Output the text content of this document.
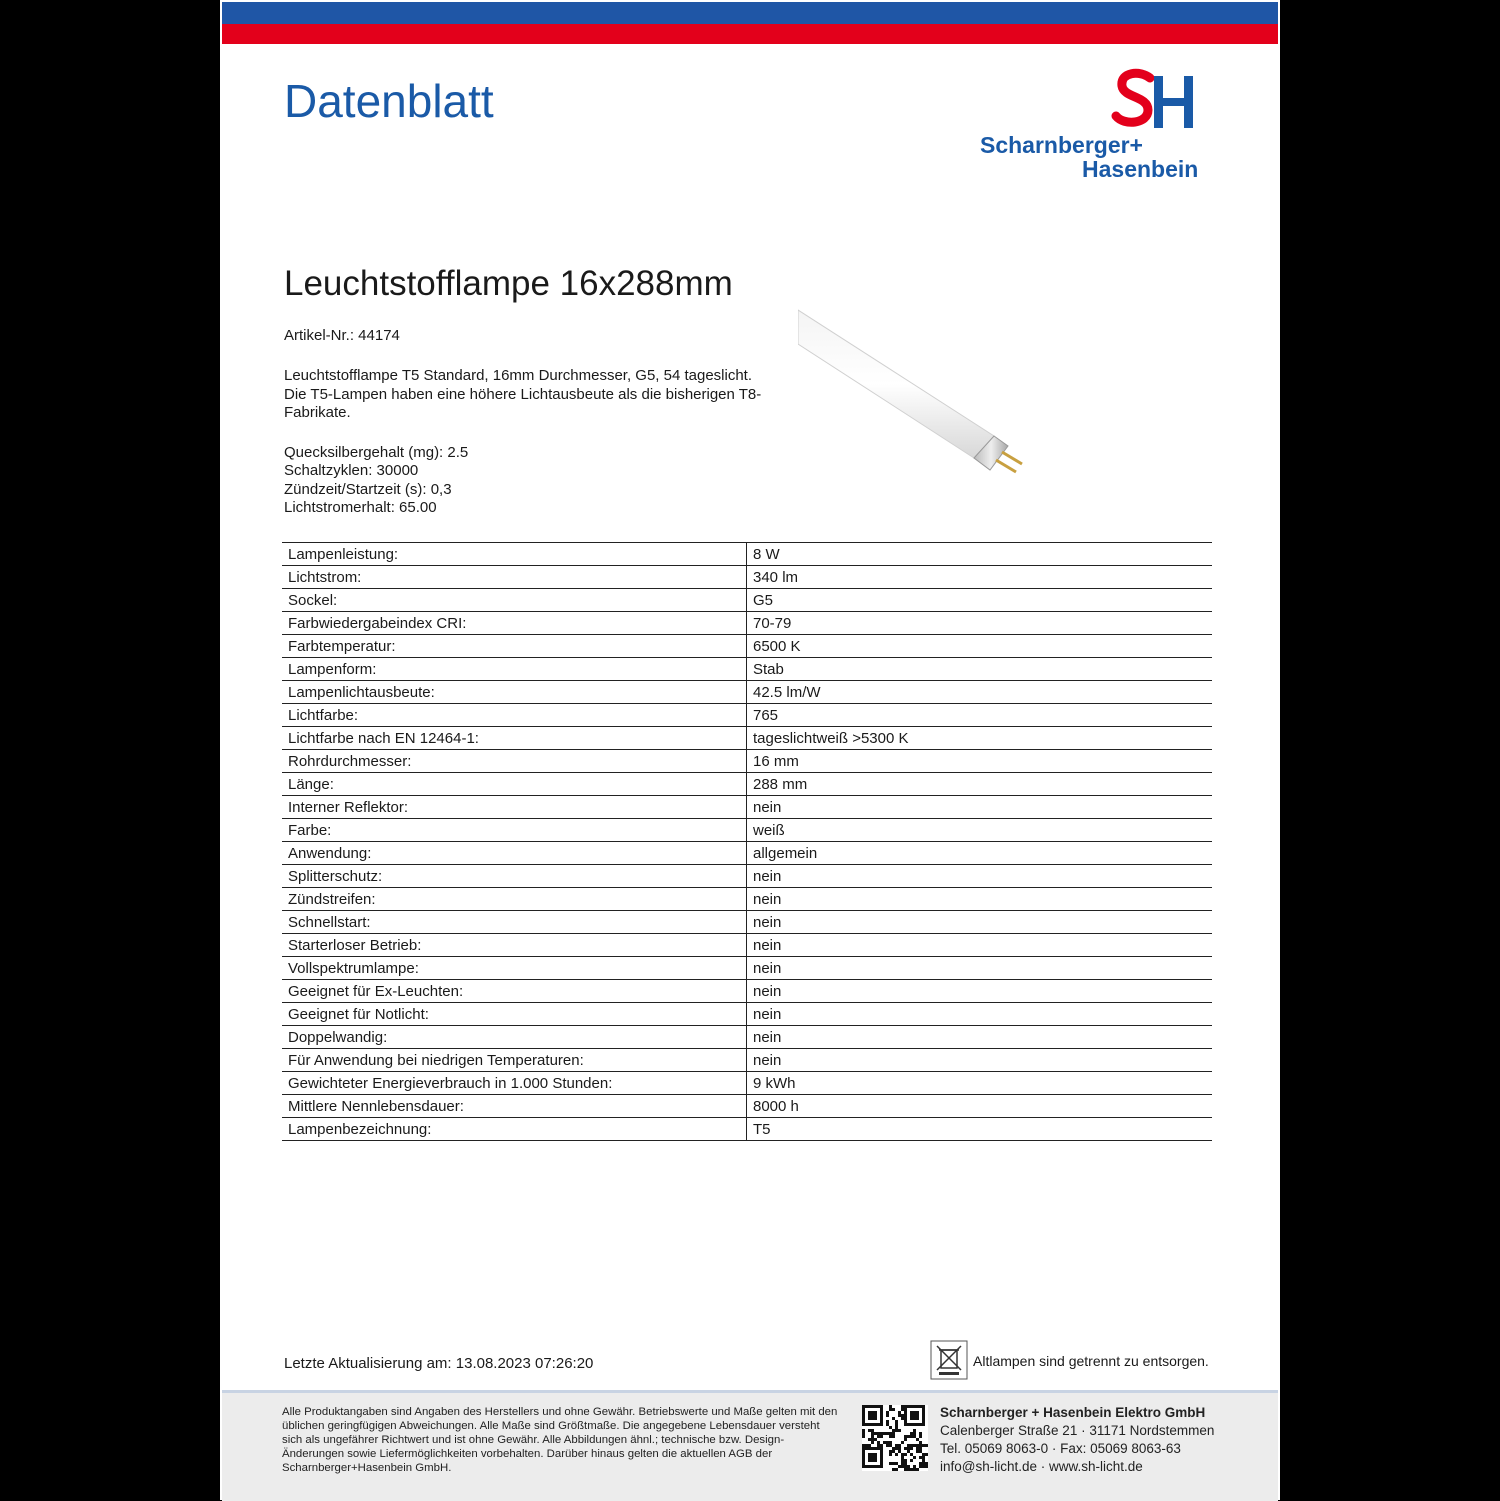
Datenblatt
Scharnberger+
Hasenbein
Leuchtstofflampe 16x288mm
Artikel-Nr.: 44174
Leuchtstofflampe T5 Standard, 16mm Durchmesser, G5, 54 tageslicht. Die T5-Lampen haben eine höhere Lichtausbeute als die bisherigen T8-Fabrikate.
Quecksilbergehalt (mg): 2.5
Schaltzyklen: 30000
Zündzeit/Startzeit (s): 0,3
Lichtstromerhalt: 65.00
Lampenleistung:	8 W
Lichtstrom:	340 lm
Sockel:	G5
Farbwiedergabeindex CRI:	70-79
Farbtemperatur:	6500 K
Lampenform:	Stab
Lampenlichtausbeute:	42.5 lm/W
Lichtfarbe:	765
Lichtfarbe nach EN 12464-1:	tageslichtweiß >5300 K
Rohrdurchmesser:	16 mm
Länge:	288 mm
Interner Reflektor:	nein
Farbe:	weiß
Anwendung:	allgemein
Splitterschutz:	nein
Zündstreifen:	nein
Schnellstart:	nein
Starterloser Betrieb:	nein
Vollspektrumlampe:	nein
Geeignet für Ex-Leuchten:	nein
Geeignet für Notlicht:	nein
Doppelwandig:	nein
Für Anwendung bei niedrigen Temperaturen:	nein
Gewichteter Energieverbrauch in 1.000 Stunden:	9 kWh
Mittlere Nennlebensdauer:	8000 h
Lampenbezeichnung:	T5
Letzte Aktualisierung am: 13.08.2023 07:26:20	Altlampen sind getrennt zu entsorgen.
Alle Produktangaben sind Angaben des Herstellers und ohne Gewähr. Betriebswerte und Maße gelten mit den üblichen geringfügigen Abweichungen. Alle Maße sind Größtmaße. Die angegebene Lebensdauer versteht sich als ungefährer Richtwert und ist ohne Gewähr. Alle Abbildungen ähnl.; technische bzw. Design-Änderungen sowie Liefermöglichkeiten vorbehalten. Darüber hinaus gelten die aktuellen AGB der Scharnberger+Hasenbein GmbH.
Scharnberger + Hasenbein Elektro GmbH
Calenberger Straße 21 · 31171 Nordstemmen
Tel. 05069 8063-0 · Fax: 05069 8063-63
info@sh-licht.de · www.sh-licht.de
